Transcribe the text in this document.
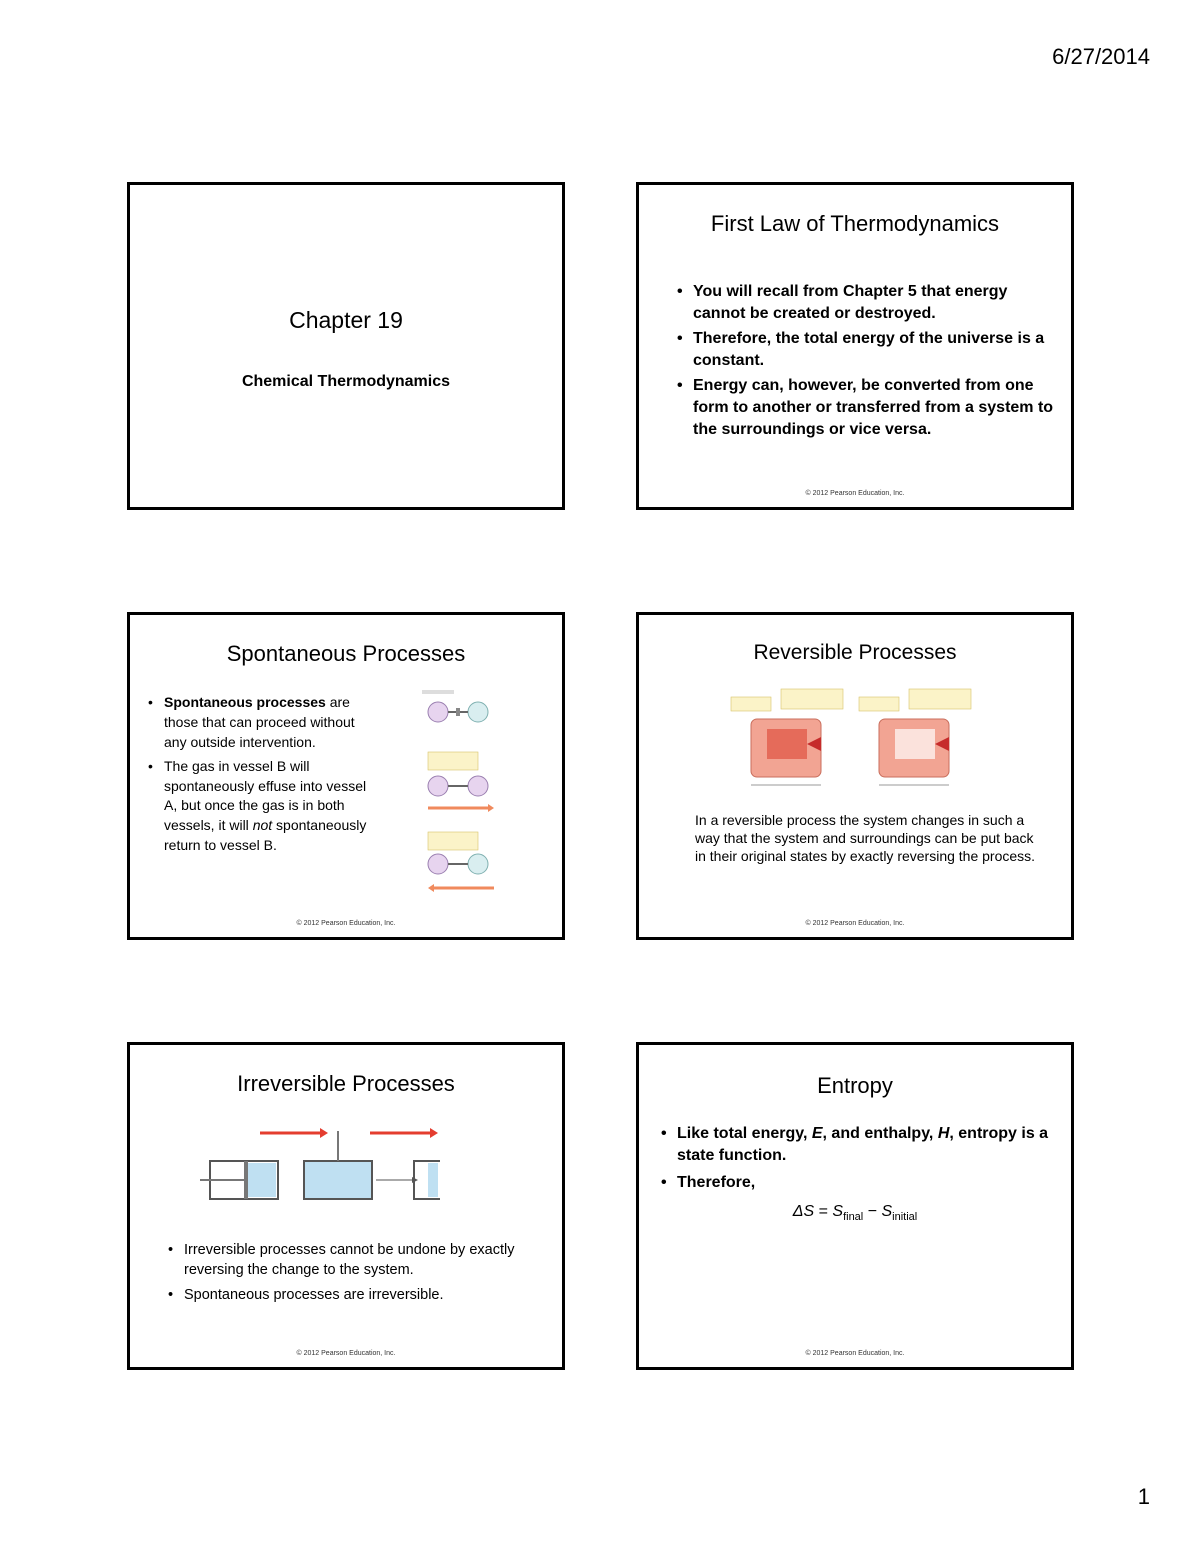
6/27/2014
Chapter 19
Chemical Thermodynamics
First Law of Thermodynamics
• You will recall from Chapter 5 that energy cannot be created or destroyed.
• Therefore, the total energy of the universe is a constant.
• Energy can, however, be converted from one form to another or transferred from a system to the surroundings or vice versa.
© 2012 Pearson Education, Inc.
Spontaneous Processes
• Spontaneous processes are those that can proceed without any outside intervention.
• The gas in vessel B will spontaneously effuse into vessel A, but once the gas is in both vessels, it will not spontaneously return to vessel B.
© 2012 Pearson Education, Inc.
Reversible Processes
In a reversible process the system changes in such a way that the system and surroundings can be put back in their original states by exactly reversing the process.
© 2012 Pearson Education, Inc.
Irreversible Processes
• Irreversible processes cannot be undone by exactly reversing the change to the system.
• Spontaneous processes are irreversible.
© 2012 Pearson Education, Inc.
Entropy
• Like total energy, E, and enthalpy, H, entropy is a state function.
• Therefore,
$\Delta S = S_{final} - S_{initial}$
© 2012 Pearson Education, Inc.
1
